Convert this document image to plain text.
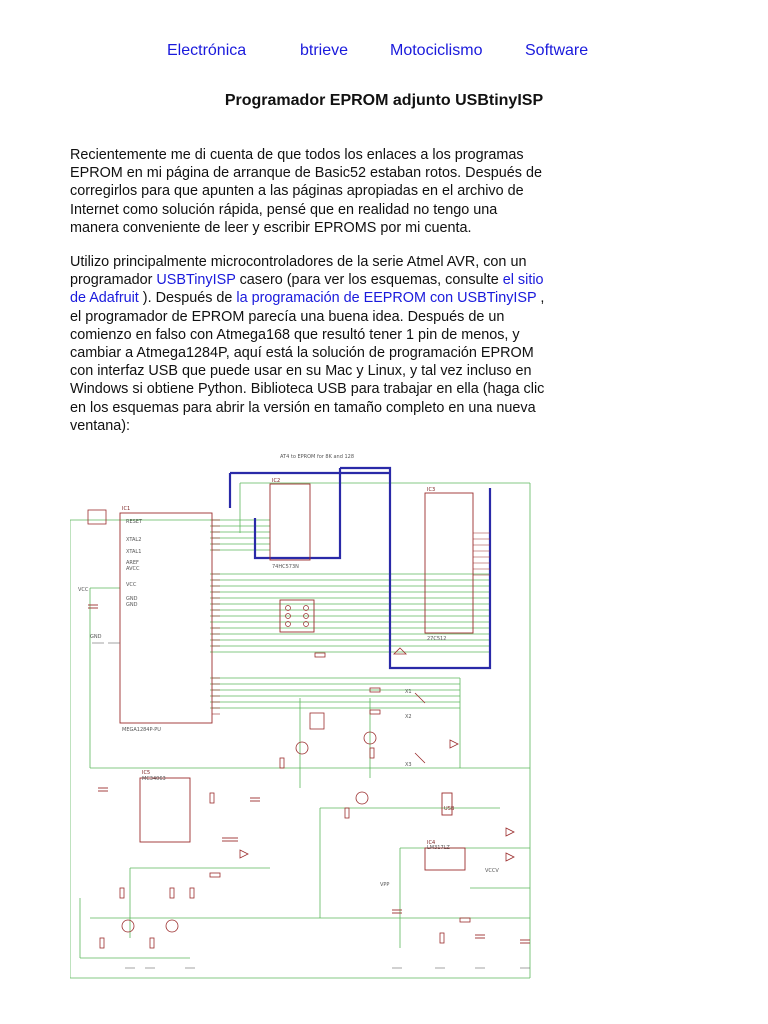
Electrónica	btrieve	Motociclismo	Software
Programador EPROM adjunto USBtinyISP

Recientemente me di cuenta de que todos los enlaces a los programas EPROM en mi página de arranque de Basic52 estaban rotos. Después de corregirlos para que apunten a las páginas apropiadas en el archivo de Internet como solución rápida, pensé que en realidad no tengo una manera conveniente de leer y escribir EPROMS por mi cuenta.

Utilizo principalmente microcontroladores de la serie Atmel AVR, con un programador USBTinyISP casero (para ver los esquemas, consulte el sitio de Adafruit ). Después de la programación de EEPROM con USBTinyISP , el programador de EPROM parecía una buena idea. Después de un comienzo en falso con Atmega168 que resultó tener 1 pin de menos, y cambiar a Atmega1284P, aquí está la solución de programación EPROM con interfaz USB que puede usar en su Mac y Linux, y tal vez incluso en Windows si obtiene Python. Biblioteca USB para trabajar en ella (haga clic en los esquemas para abrir la versión en tamaño completo en una nueva ventana):

AT4 to EPROM for 8K and 128
IC1
MEGA1284P-PU
RESET
XTAL2
XTAL1
AREF
AVCC
VCC
GND
GND
IC2
74HC573N
IC3
27C512
IC5
MC34063
IC4
LM317LZ
USB
VPP
VCC
GND
X1
X2
X3
VCCV
